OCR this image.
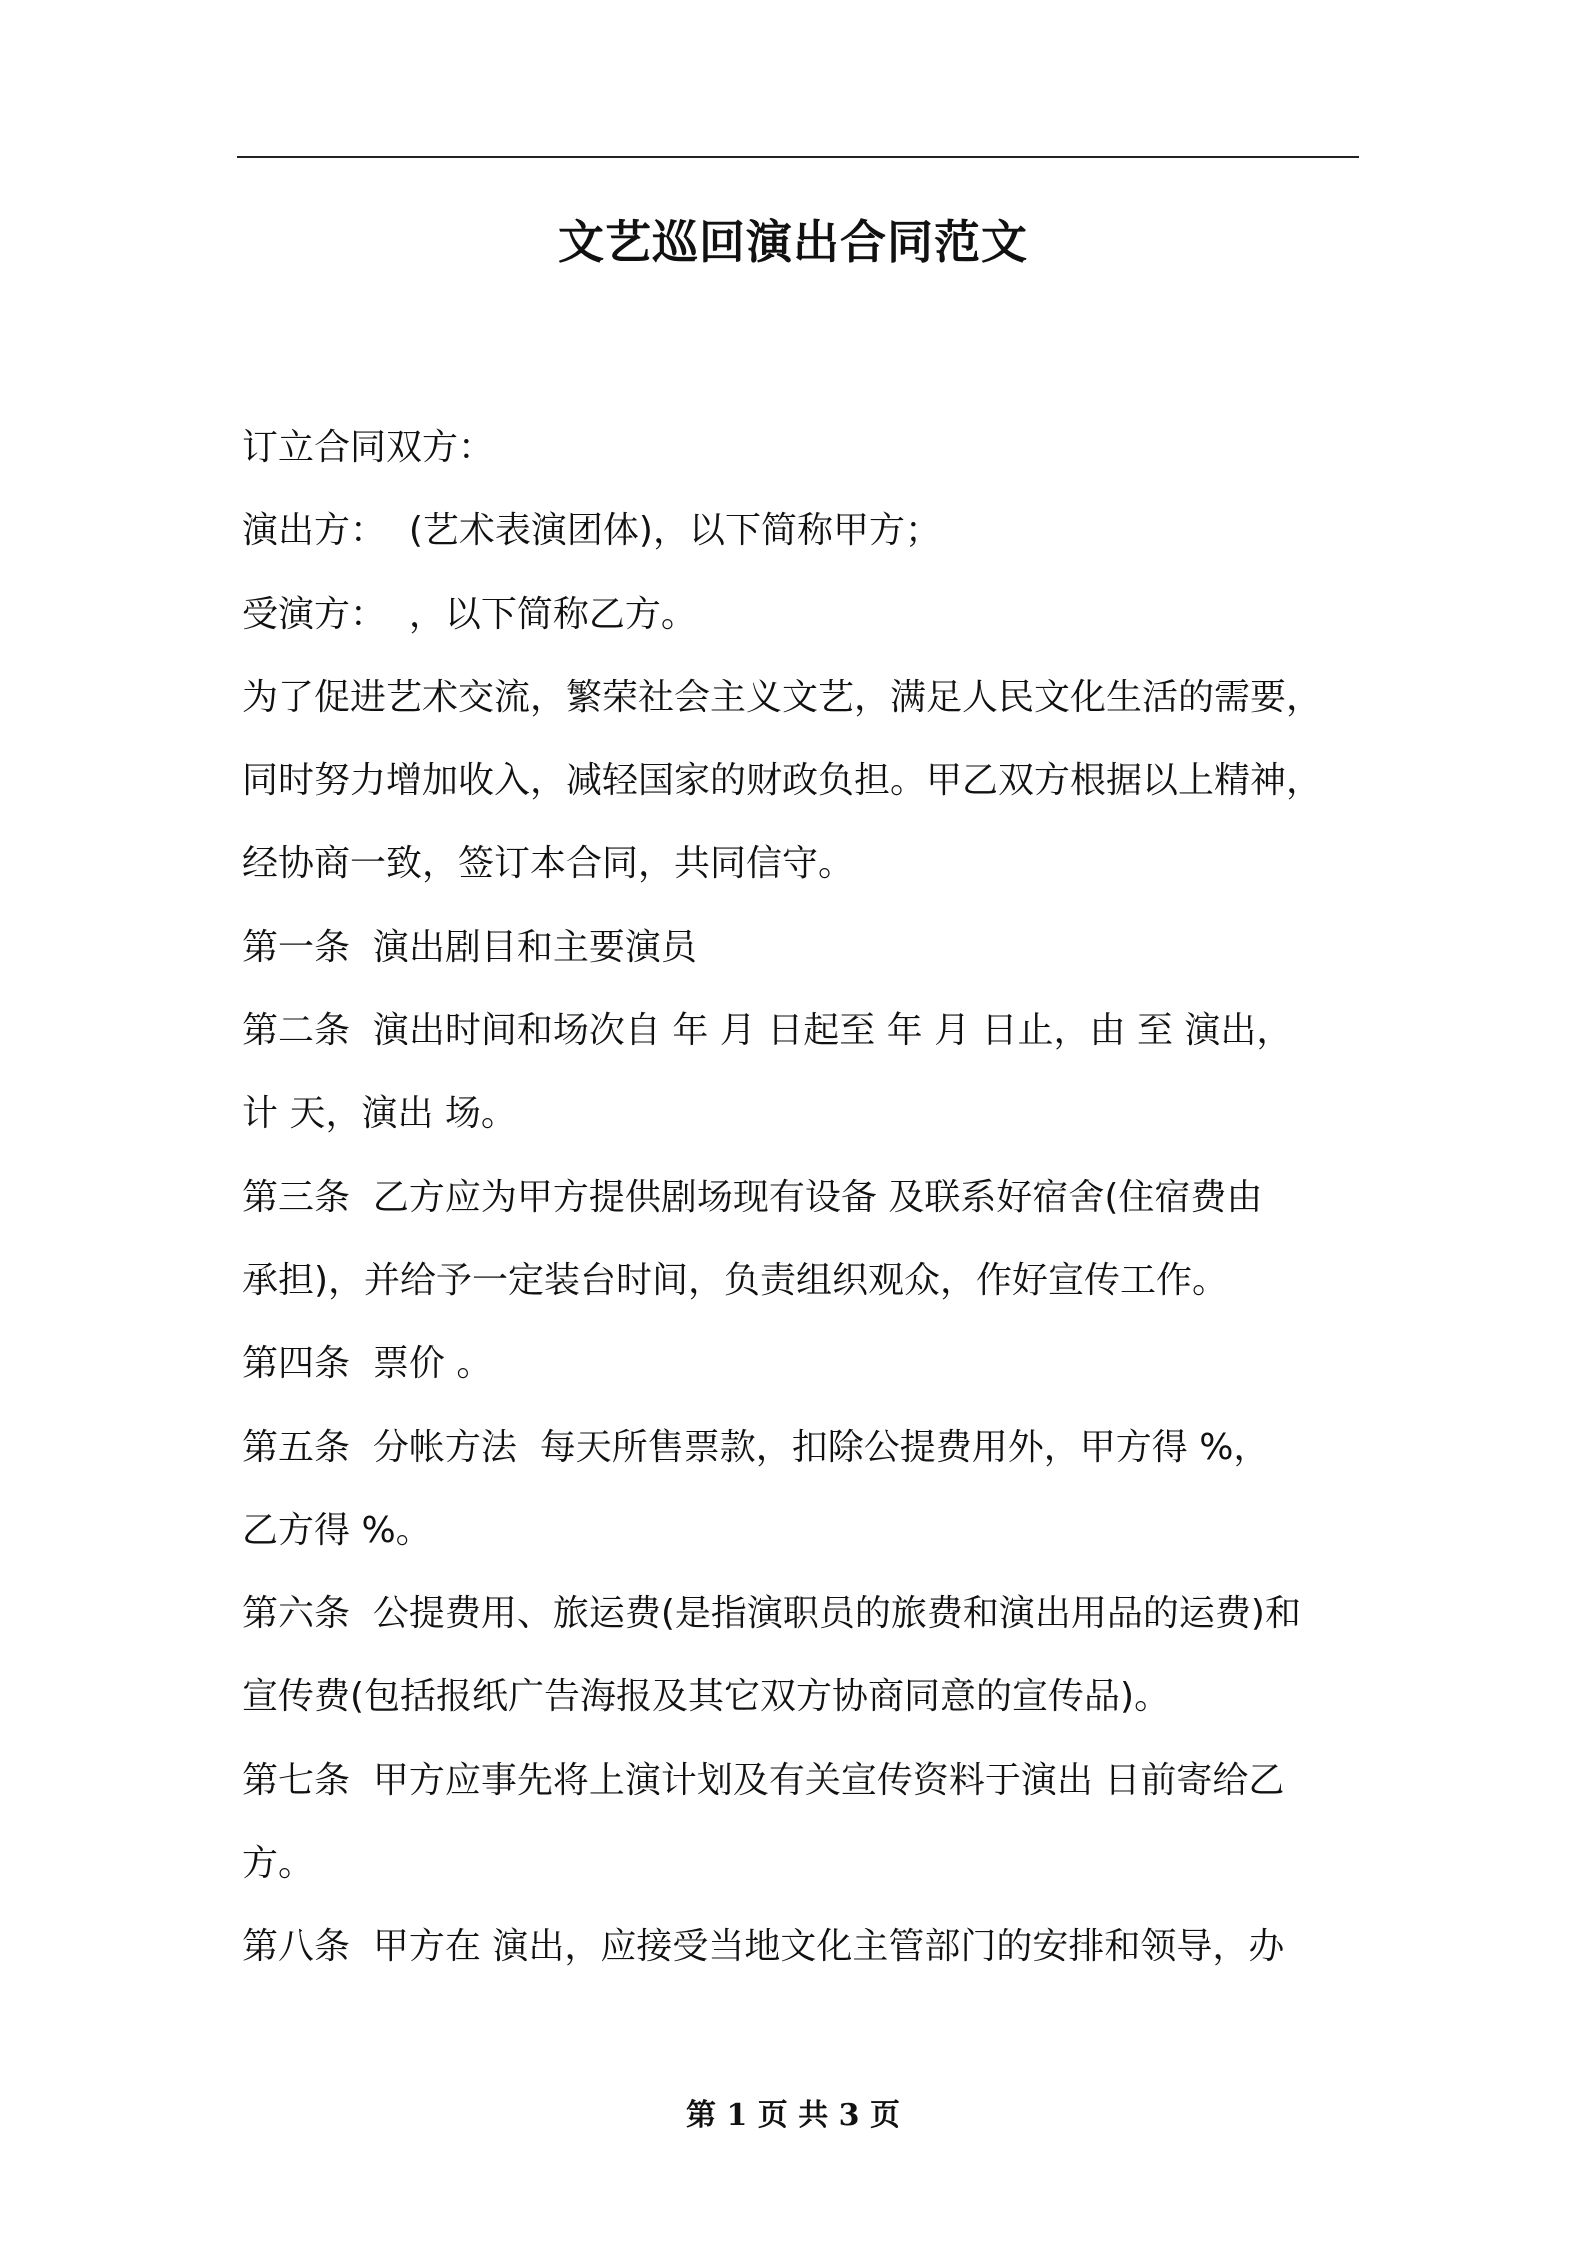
文艺巡回演出合同范文
订立合同双方：
演出方：  (艺术表演团体)，以下简称甲方；
受演方：  ，以下简称乙方。
为了促进艺术交流，繁荣社会主义文艺，满足人民文化生活的需要，
同时努力增加收入，减轻国家的财政负担。甲乙双方根据以上精神，
经协商一致，签订本合同，共同信守。
第一条  演出剧目和主要演员
第二条  演出时间和场次自 年 月 日起至 年 月 日止，由 至 演出，
计 天，演出 场。
第三条  乙方应为甲方提供剧场现有设备 及联系好宿舍(住宿费由
承担)，并给予一定装台时间，负责组织观众，作好宣传工作。
第四条  票价 。
第五条  分帐方法  每天所售票款，扣除公提费用外，甲方得 %，
乙方得 %。
第六条  公提费用、旅运费(是指演职员的旅费和演出用品的运费)和
宣传费(包括报纸广告海报及其它双方协商同意的宣传品)。
第七条  甲方应事先将上演计划及有关宣传资料于演出 日前寄给乙
方。
第八条  甲方在 演出，应接受当地文化主管部门的安排和领导，办
第 1 页 共 3 页
